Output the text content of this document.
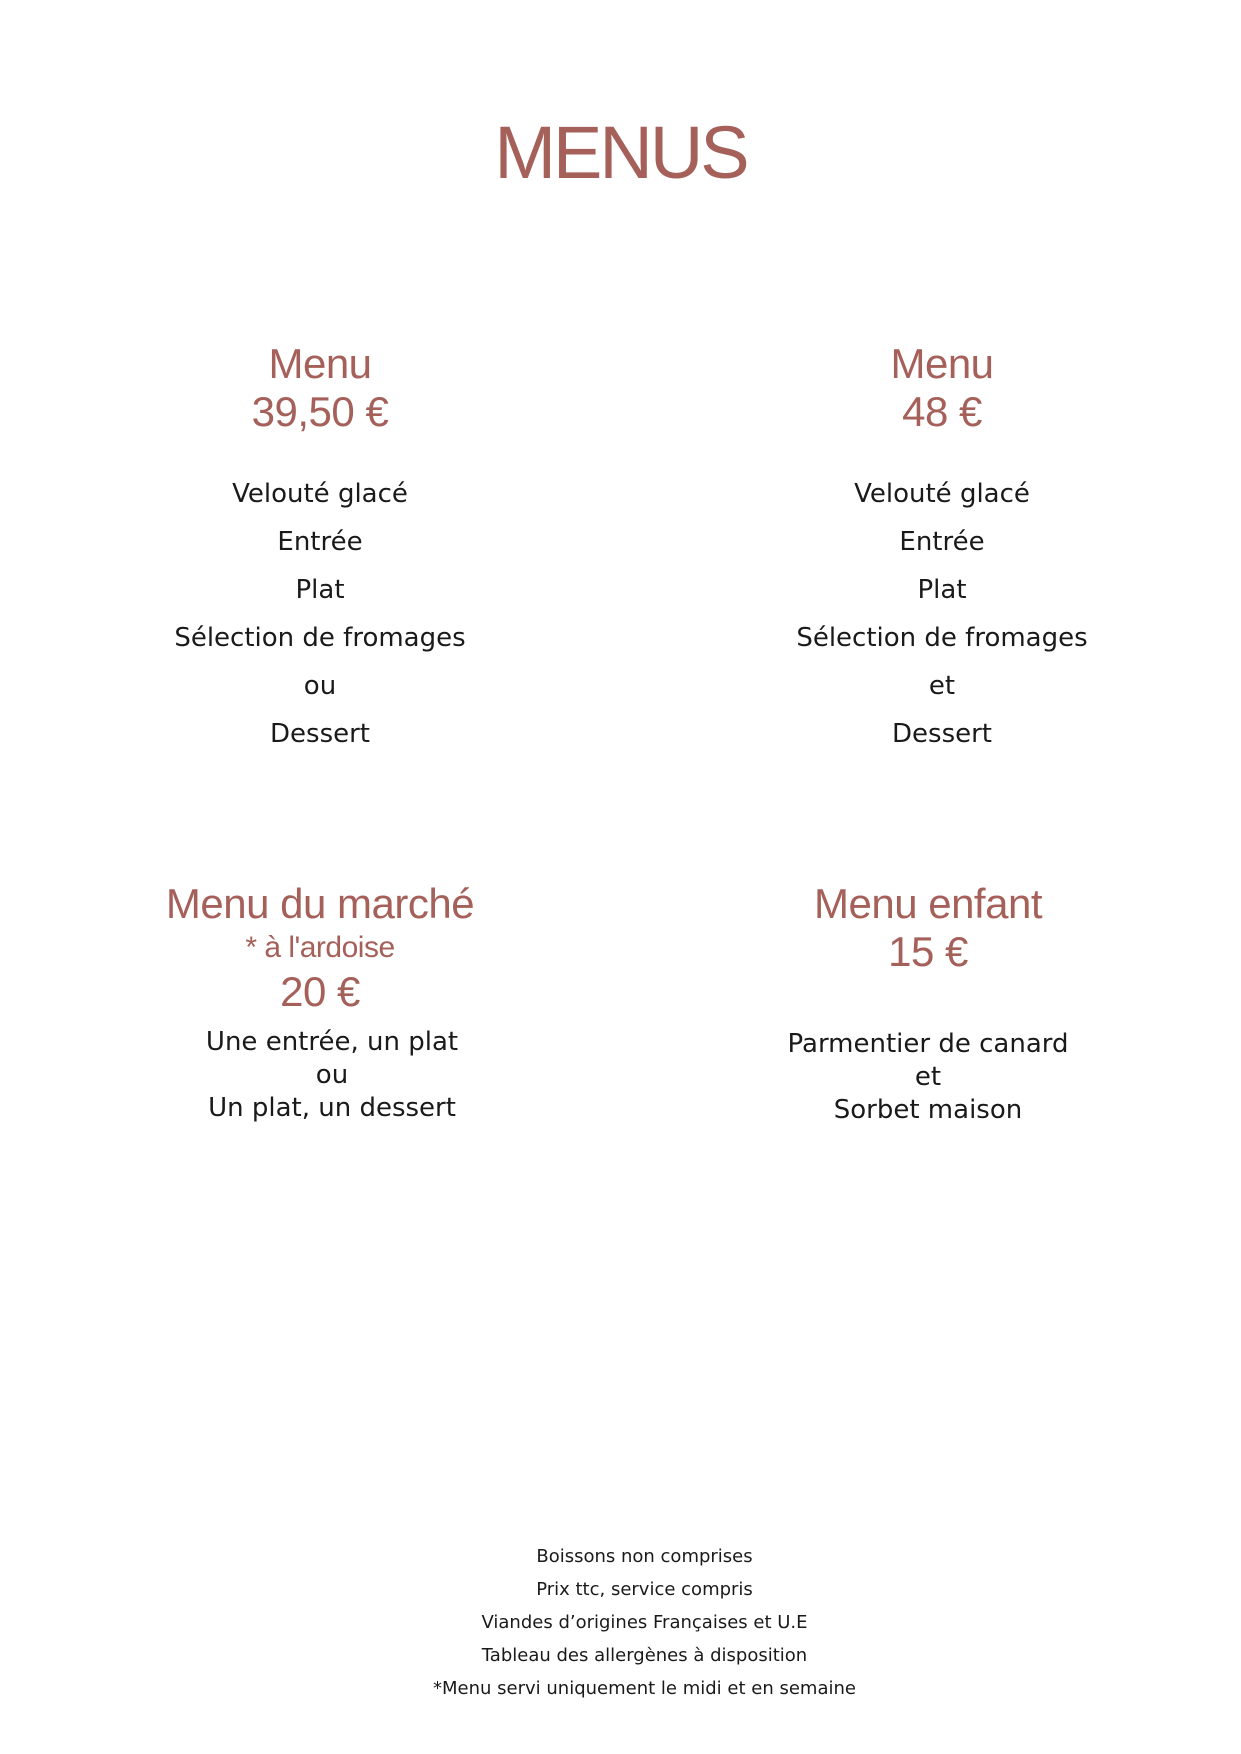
MENUS
Menu
39,50 €
Velouté glacé
Entrée
Plat
Sélection de fromages
ou
Dessert
Menu
48 €
Velouté glacé
Entrée
Plat
Sélection de fromages
et
Dessert
Menu du marché
* à l'ardoise
20 €
Une entrée, un plat
ou
Un plat, un dessert
Menu enfant
15 €
Parmentier de canard
et
Sorbet maison
Boissons non comprises
Prix ttc, service compris
Viandes d’origines Françaises et U.E
Tableau des allergènes à disposition
*Menu servi uniquement le midi et en semaine
